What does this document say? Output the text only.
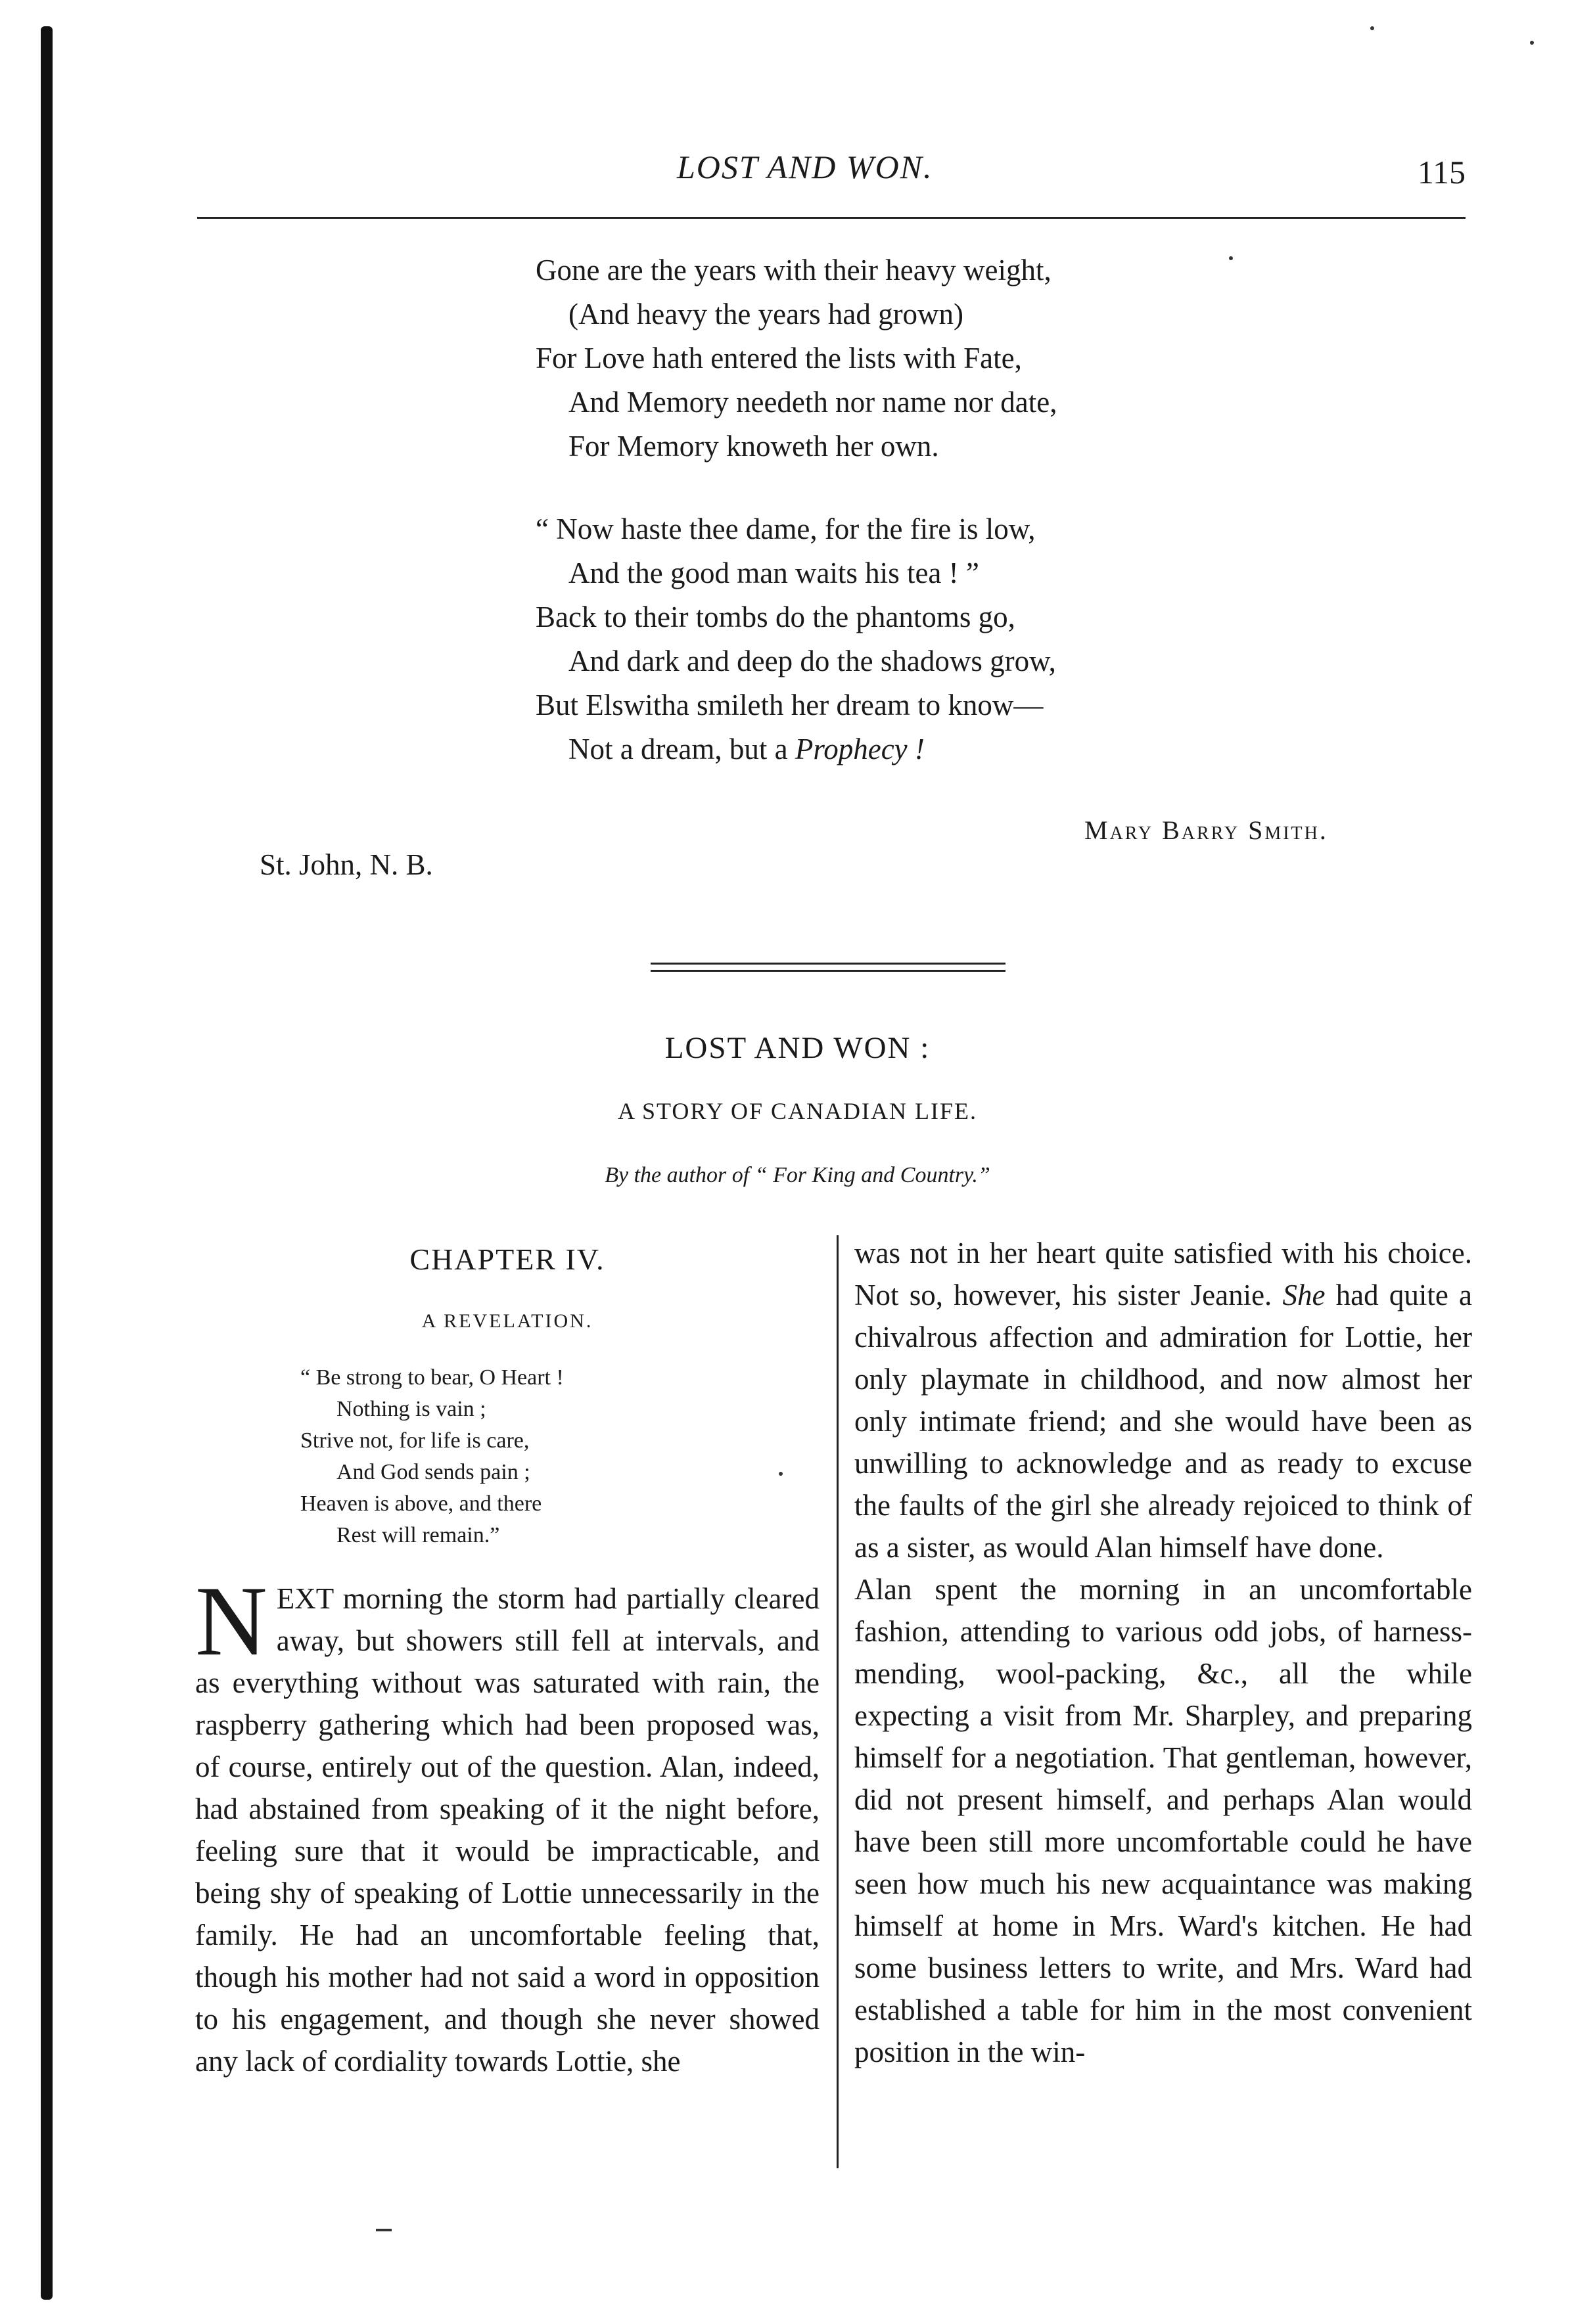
LOST AND WON.	115
Gone are the years with their heavy weight,
(And heavy the years had grown)
For Love hath entered the lists with Fate,
And Memory needeth nor name nor date,
For Memory knoweth her own.
“ Now haste thee dame, for the fire is low,
And the good man waits his tea ! ”
Back to their tombs do the phantoms go,
And dark and deep do the shadows grow,
But Elswitha smileth her dream to know—
Not a dream, but a Prophecy !
Mary Barry Smith.
St. John, N. B.
LOST AND WON :
A STORY OF CANADIAN LIFE.
By the author of “ For King and Country.”
CHAPTER IV.
A REVELATION.
“ Be strong to bear, O Heart !
Nothing is vain ;
Strive not, for life is care,
And God sends pain ;
Heaven is above, and there
Rest will remain.”

NEXT morning the storm had partially cleared away, but showers still fell at intervals, and as everything without was saturated with rain, the raspberry gathering which had been proposed was, of course, entirely out of the question. Alan, indeed, had abstained from speaking of it the night before, feeling sure that it would be impracticable, and being shy of speaking of Lottie unnecessarily in the family. He had an uncomfortable feeling that, though his mother had not said a word in opposition to his engagement, and though she never showed any lack of cordiality towards Lottie, she

was not in her heart quite satisfied with his choice. Not so, however, his sister Jeanie. She had quite a chivalrous affection and admiration for Lottie, her only playmate in childhood, and now almost her only intimate friend; and she would have been as unwilling to acknowledge and as ready to excuse the faults of the girl she already rejoiced to think of as a sister, as would Alan himself have done.

Alan spent the morning in an uncomfortable fashion, attending to various odd jobs, of harness-mending, wool-packing, &c., all the while expecting a visit from Mr. Sharpley, and preparing himself for a negotiation. That gentleman, however, did not present himself, and perhaps Alan would have been still more uncomfortable could he have seen how much his new acquaintance was making himself at home in Mrs. Ward's kitchen. He had some business letters to write, and Mrs. Ward had established a table for him in the most convenient position in the win-
